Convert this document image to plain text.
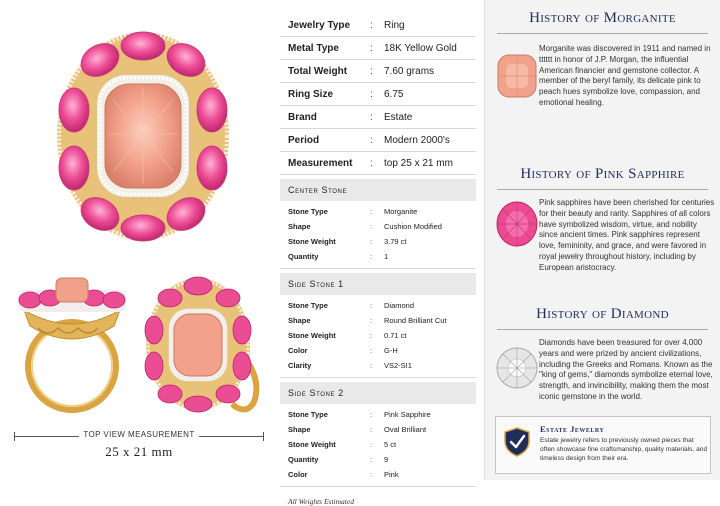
TOP VIEW MEASUREMENT
25 x 21 mm
Jewelry Type	:	Ring
Metal Type	:	18K Yellow Gold
Total Weight	:	7.60 grams
Ring Size	:	6.75
Brand	:	Estate
Period	:	Modern 2000's
Measurement	:	top 25 x 21 mm
Center Stone
Stone Type	:	Morganite
Shape	:	Cushion Modified
Stone Weight	:	3.79 ct
Quantity	:	1
Side Stone 1
Stone Type	:	Diamond
Shape	:	Round Brilliant Cut
Stone Weight	:	0.71 ct
Color	:	G-H
Clarity	:	VS2-SI1
Side Stone 2
Stone Type	:	Pink Sapphire
Shape	:	Oval Brilliant
Stone Weight	:	5 ct
Quantity	:	9
Color	:	Pink
All Weights Estimated
History of Morganite
Morganite was discovered in 1911 and named in tttttt in honor of J.P. Morgan, the influential American financier and gemstone collector. A member of the beryl family, its delicate pink to peach hues symbolize love, compassion, and emotional healing.
History of Pink Sapphire
Pink sapphires have been cherished for centuries for their beauty and rarity. Sapphires of all colors have symbolized wisdom, virtue, and nobility since ancient times. Pink sapphires represent love, femininity, and grace, and were favored in royal jewelry throughout history, including by European aristocracy.
History of Diamond
Diamonds have been treasured for over 4,000 years and were prized by ancient civilizations, including the Greeks and Romans. Known as the "king of gems," diamonds symbolize eternal love, strength, and invincibility, making them the most iconic gemstone in the world.
Estate Jewelry
Estate jewelry refers to previously owned pieces that often showcase fine craftsmanship, quality materials, and timeless design from their era.
